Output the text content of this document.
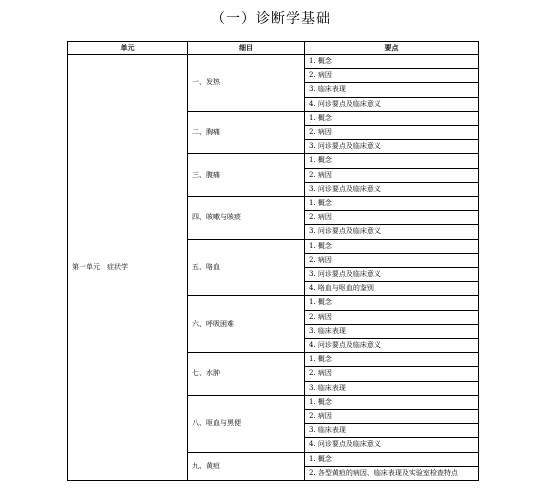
（一）诊断学基础
单元	细目	要点
第一单元　症状学	一、发热	1. 概念
		2. 病因
		3. 临床表现
		4. 问诊要点及临床意义
	二、胸痛	1. 概念
		2. 病因
		3. 问诊要点及临床意义
	三、腹痛	1. 概念
		2. 病因
		3. 问诊要点及临床意义
	四、咳嗽与咳痰	1. 概念
		2. 病因
		3. 问诊要点及临床意义
	五、咯血	1. 概念
		2. 病因
		3. 问诊要点及临床意义
		4. 咯血与呕血的鉴别
	六、呼吸困难	1. 概念
		2. 病因
		3. 临床表现
		4. 问诊要点及临床意义
	七、水肿	1. 概念
		2. 病因
		3. 临床表现
	八、呕血与黑便	1. 概念
		2. 病因
		3. 临床表现
		4. 问诊要点及临床意义
	九、黄疸	1. 概念
		2. 各型黄疸的病因、临床表现及实验室检查特点
